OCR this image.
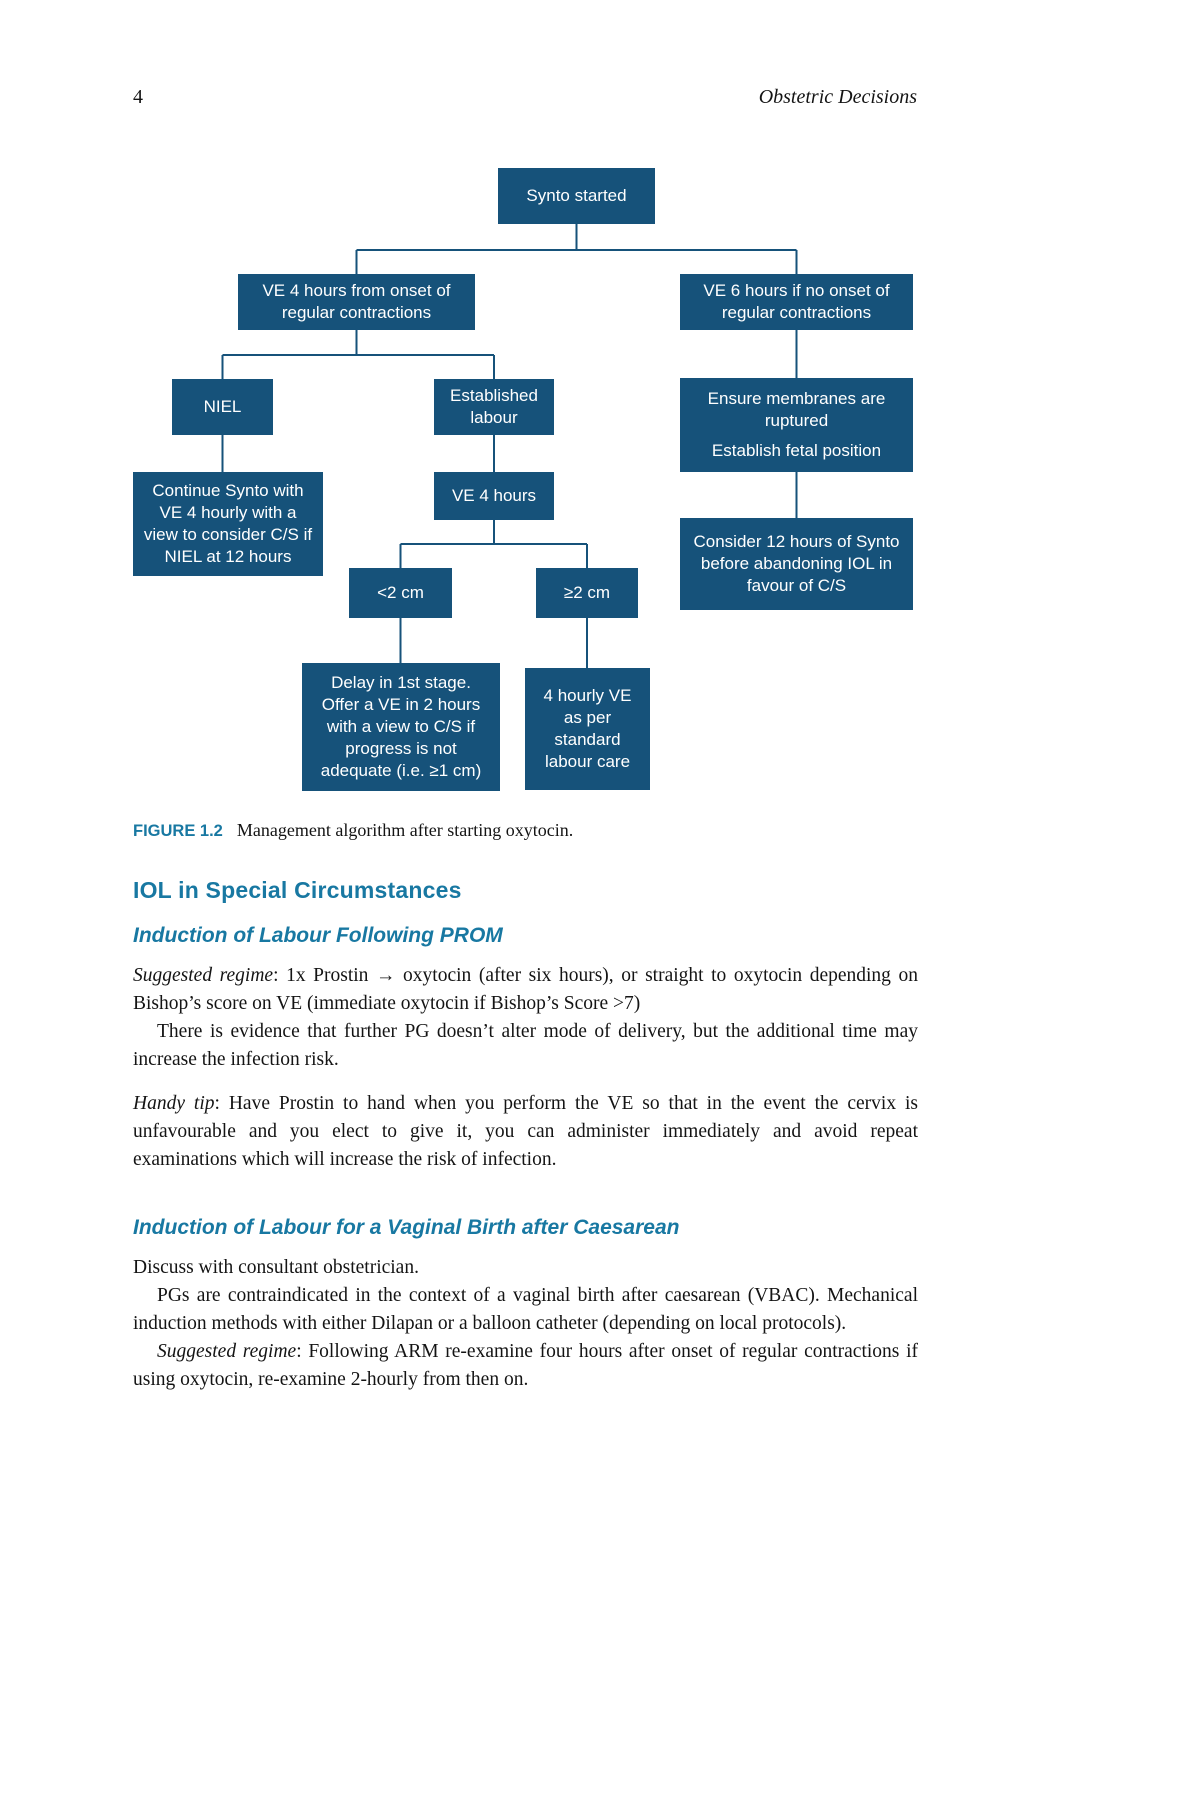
4	Obstetric Decisions
Synto started
VE 4 hours from onset of regular contractions
VE 6 hours if no onset of regular contractions
NIEL
Established labour
Ensure membranes are ruptured
Establish fetal position
Continue Synto with VE 4 hourly with a view to consider C/S if NIEL at 12 hours
VE 4 hours
Consider 12 hours of Synto before abandoning IOL in favour of C/S
<2 cm	≥2 cm
Delay in 1st stage. Offer a VE in 2 hours with a view to C/S if progress is not adequate (i.e. ≥1 cm)
4 hourly VE as per standard labour care
FIGURE 1.2 Management algorithm after starting oxytocin.
IOL in Special Circumstances
Induction of Labour Following PROM

Suggested regime: 1x Prostin → oxytocin (after six hours), or straight to oxytocin depending on Bishop’s score on VE (immediate oxytocin if Bishop’s Score >7)

There is evidence that further PG doesn’t alter mode of delivery, but the additional time may increase the infection risk.

Handy tip: Have Prostin to hand when you perform the VE so that in the event the cervix is unfavourable and you elect to give it, you can administer immediately and avoid repeat examinations which will increase the risk of infection.

Induction of Labour for a Vaginal Birth after Caesarean

Discuss with consultant obstetrician.

PGs are contraindicated in the context of a vaginal birth after caesarean (VBAC). Mechanical induction methods with either Dilapan or a balloon catheter (depending on local protocols).

Suggested regime: Following ARM re-examine four hours after onset of regular contractions if using oxytocin, re-examine 2-hourly from then on.
